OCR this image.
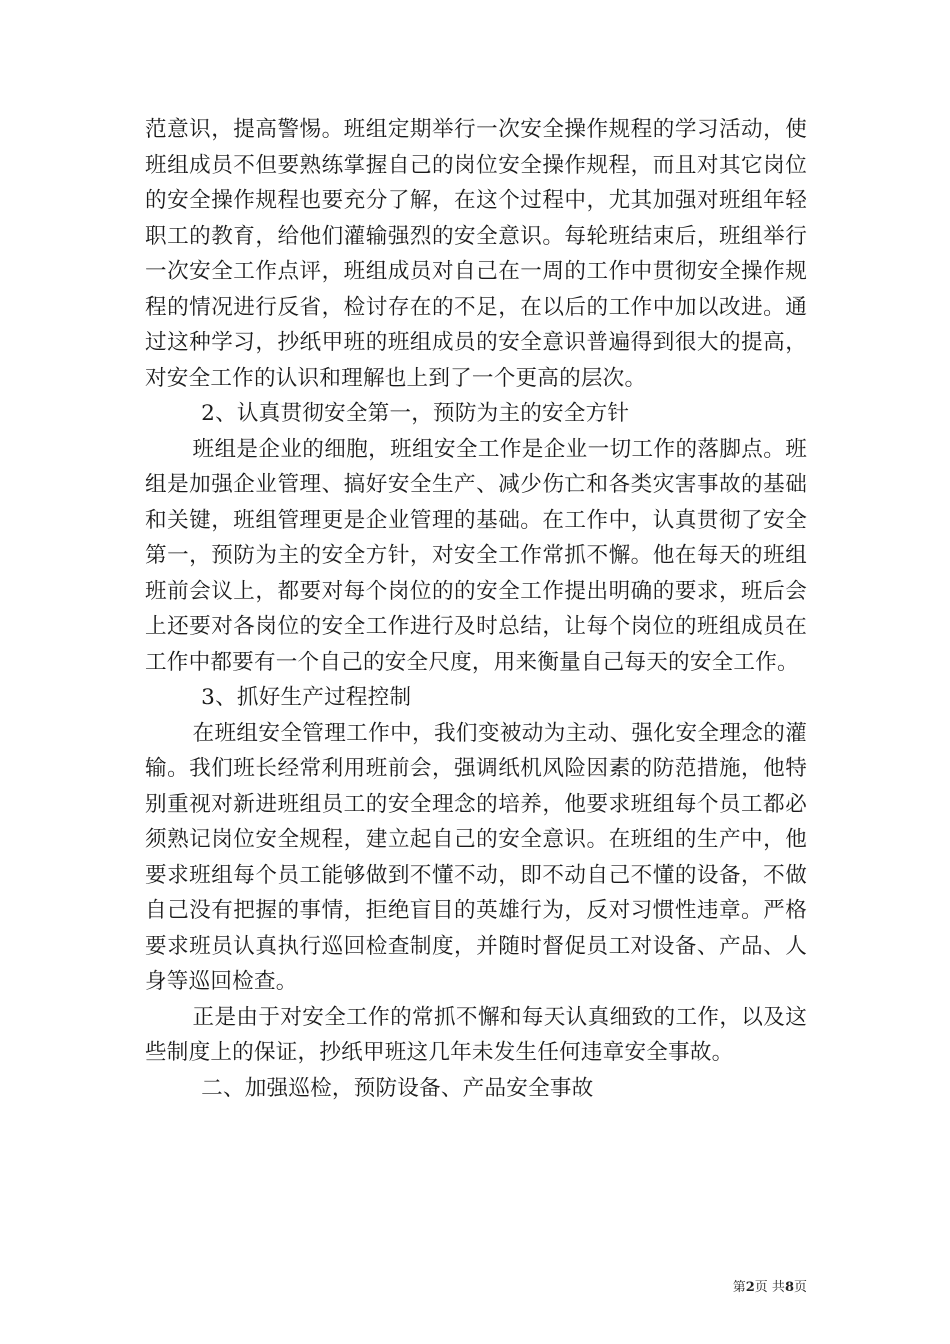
范意识，提高警惕。班组定期举行一次安全操作规程的学习活动，使班组成员不但要熟练掌握自己的岗位安全操作规程，而且对其它岗位的安全操作规程也要充分了解，在这个过程中，尤其加强对班组年轻职工的教育，给他们灌输强烈的安全意识。每轮班结束后，班组举行一次安全工作点评，班组成员对自己在一周的工作中贯彻安全操作规程的情况进行反省，检讨存在的不足，在以后的工作中加以改进。通过这种学习，抄纸甲班的班组成员的安全意识普遍得到很大的提高，对安全工作的认识和理解也上到了一个更高的层次。

2、认真贯彻安全第一，预防为主的安全方针

班组是企业的细胞，班组安全工作是企业一切工作的落脚点。班组是加强企业管理、搞好安全生产、减少伤亡和各类灾害事故的基础和关键，班组管理更是企业管理的基础。在工作中，认真贯彻了安全第一，预防为主的安全方针，对安全工作常抓不懈。他在每天的班组班前会议上，都要对每个岗位的的安全工作提出明确的要求，班后会上还要对各岗位的安全工作进行及时总结，让每个岗位的班组成员在工作中都要有一个自己的安全尺度，用来衡量自己每天的安全工作。

3、抓好生产过程控制

在班组安全管理工作中，我们变被动为主动、强化安全理念的灌输。我们班长经常利用班前会，强调纸机风险因素的防范措施，他特别重视对新进班组员工的安全理念的培养，他要求班组每个员工都必须熟记岗位安全规程，建立起自己的安全意识。在班组的生产中，他要求班组每个员工能够做到不懂不动，即不动自己不懂的设备，不做自己没有把握的事情，拒绝盲目的英雄行为，反对习惯性违章。严格要求班员认真执行巡回检查制度，并随时督促员工对设备、产品、人身等巡回检查。

正是由于对安全工作的常抓不懈和每天认真细致的工作，以及这些制度上的保证，抄纸甲班这几年未发生任何违章安全事故。

二、加强巡检，预防设备、产品安全事故

第2页 共8页
